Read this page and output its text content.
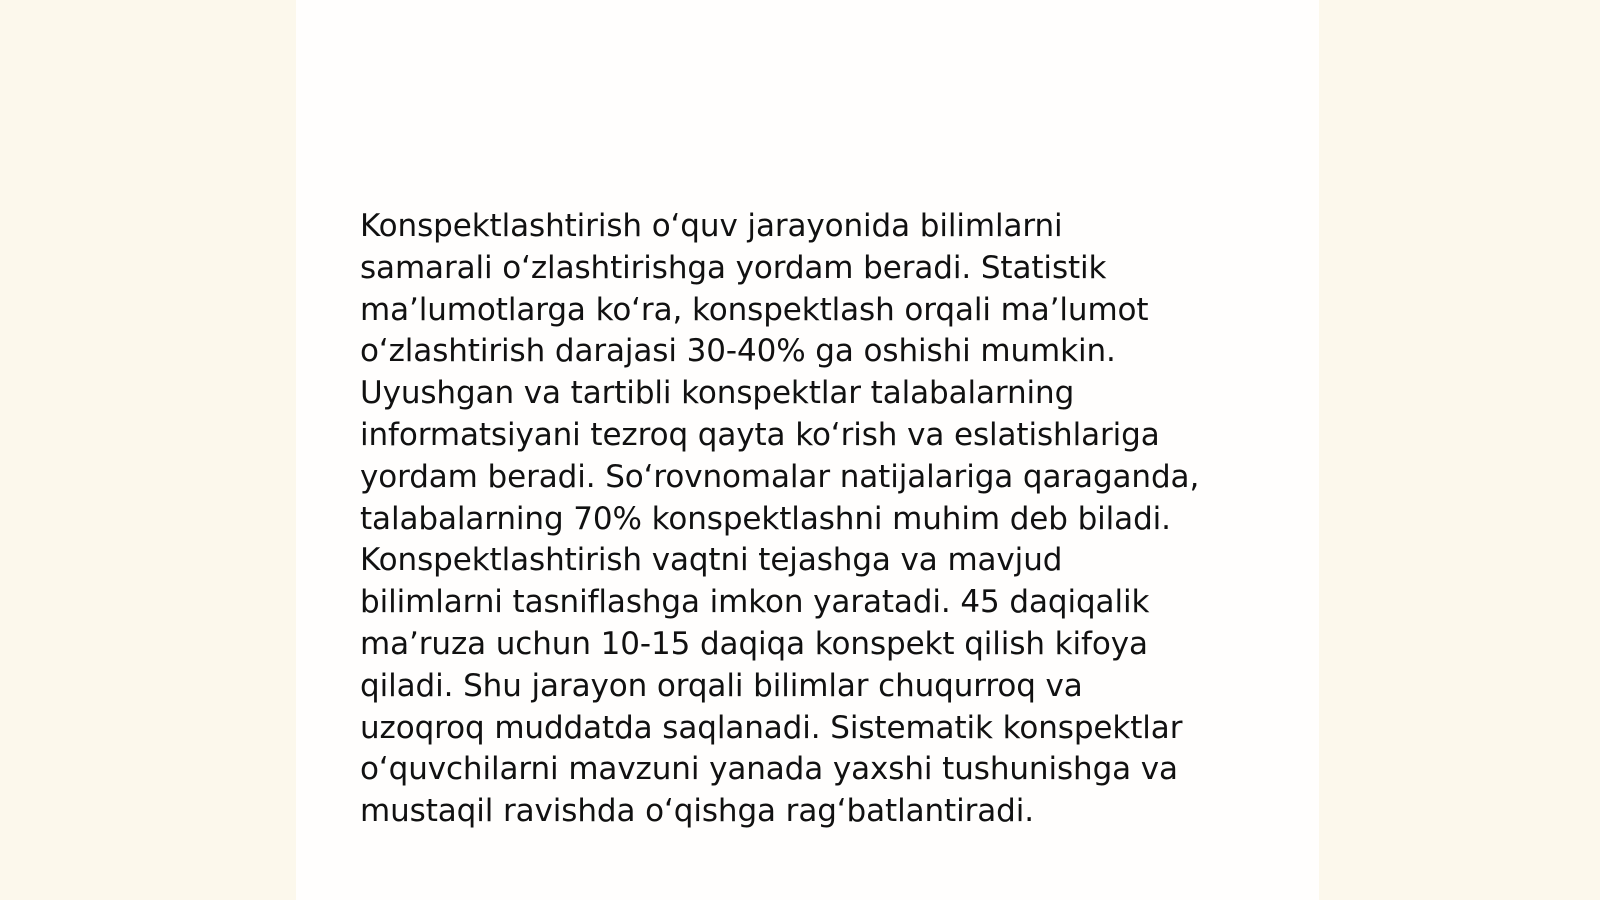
Konspektlashtirish o‘quv jarayonida bilimlarni
samarali o‘zlashtirishga yordam beradi. Statistik
ma’lumotlarga ko‘ra, konspektlash orqali ma’lumot
o‘zlashtirish darajasi 30-40% ga oshishi mumkin.
Uyushgan va tartibli konspektlar talabalarning
informatsiyani tezroq qayta ko‘rish va eslatishlariga
yordam beradi. So‘rovnomalar natijalariga qaraganda,
talabalarning 70% konspektlashni muhim deb biladi.
Konspektlashtirish vaqtni tejashga va mavjud
bilimlarni tasniflashga imkon yaratadi. 45 daqiqalik
ma’ruza uchun 10-15 daqiqa konspekt qilish kifoya
qiladi. Shu jarayon orqali bilimlar chuqurroq va
uzoqroq muddatda saqlanadi. Sistematik konspektlar
o‘quvchilarni mavzuni yanada yaxshi tushunishga va
mustaqil ravishda o‘qishga rag‘batlantiradi.
